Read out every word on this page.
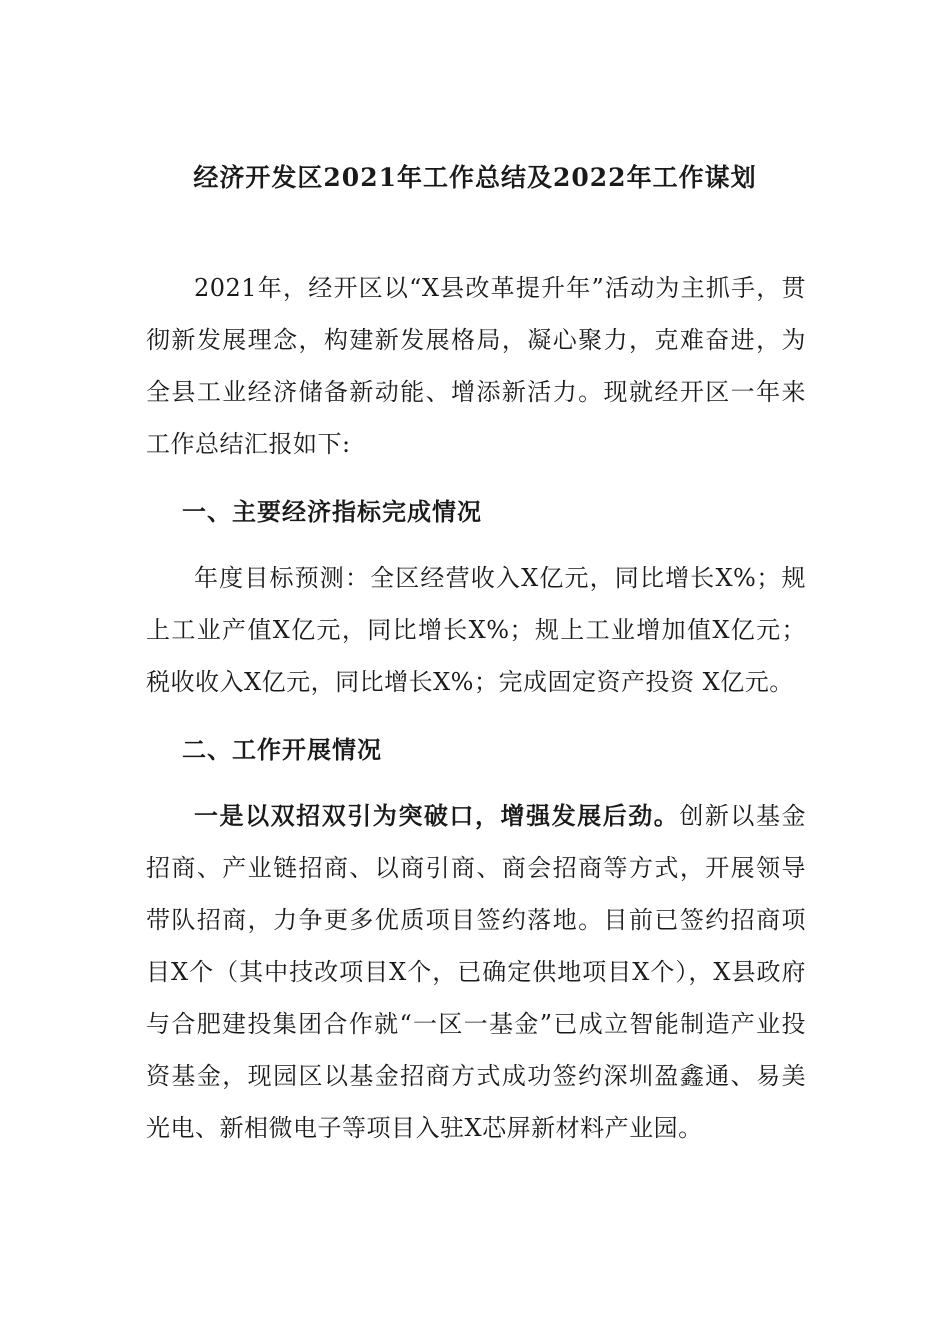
经济开发区2021年工作总结及2022年工作谋划

2021年，经开区以“X县改革提升年”活动为主抓手，贯彻新发展理念，构建新发展格局，凝心聚力，克难奋进，为全县工业经济储备新动能、增添新活力。现就经开区一年来工作总结汇报如下:

一、主要经济指标完成情况

年度目标预测：全区经营收入X亿元，同比增长X%；规上工业产值X亿元，同比增长X%；规上工业增加值X亿元；税收收入X亿元，同比增长X%；完成固定资产投资 X亿元。

二、工作开展情况

一是以双招双引为突破口，增强发展后劲。创新以基金招商、产业链招商、以商引商、商会招商等方式，开展领导带队招商，力争更多优质项目签约落地。目前已签约招商项目X个（其中技改项目X个，已确定供地项目X个），X县政府与合肥建投集团合作就“一区一基金”已成立智能制造产业投资基金，现园区以基金招商方式成功签约深圳盈鑫通、易美光电、新相微电子等项目入驻X芯屏新材料产业园。
